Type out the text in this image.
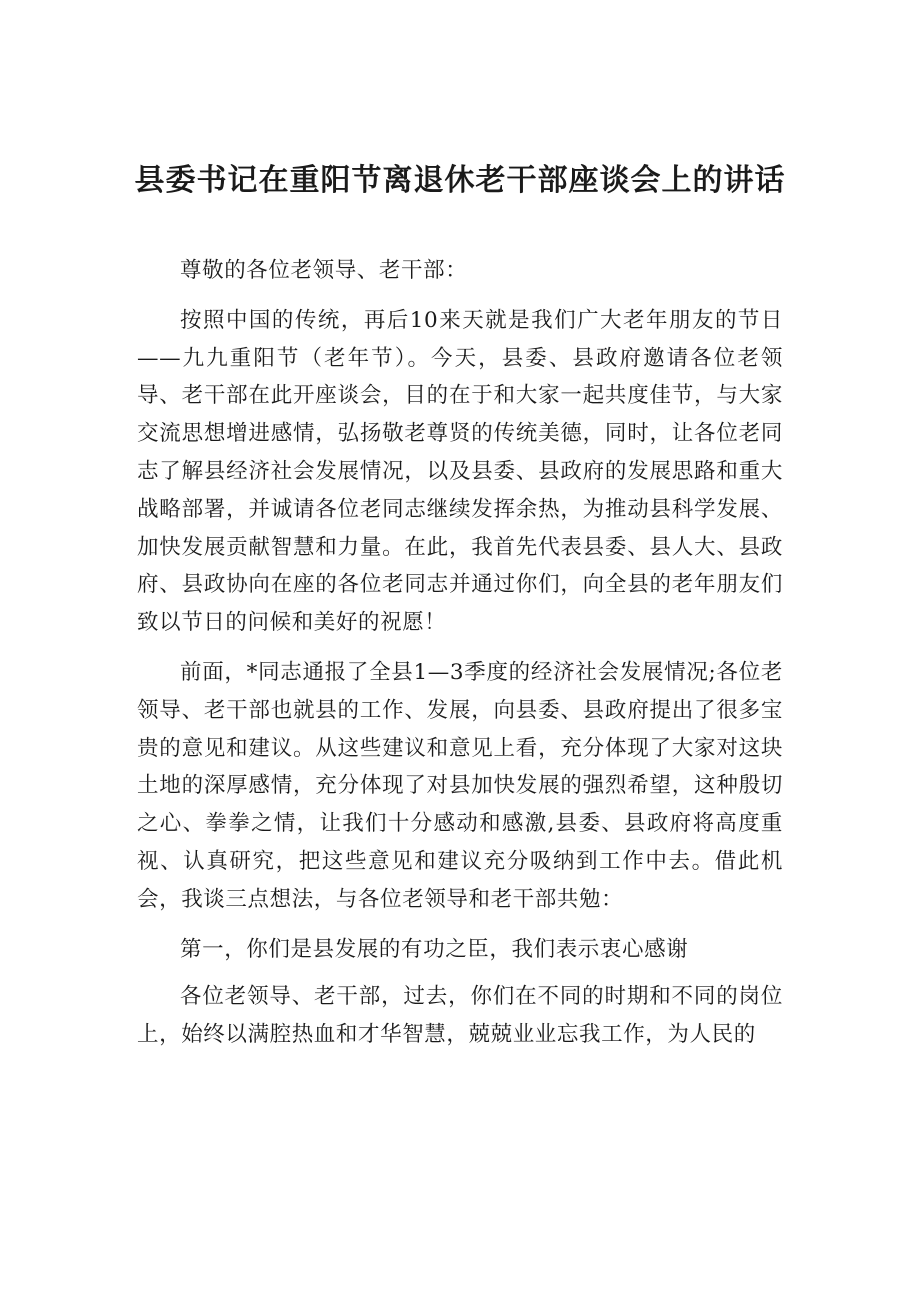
县委书记在重阳节离退休老干部座谈会上的讲话

尊敬的各位老领导、老干部：

按照中国的传统，再后10来天就是我们广大老年朋友的节日——九九重阳节（老年节）。今天，县委、县政府邀请各位老领导、老干部在此开座谈会，目的在于和大家一起共度佳节，与大家交流思想增进感情，弘扬敬老尊贤的传统美德，同时，让各位老同志了解县经济社会发展情况，以及县委、县政府的发展思路和重大战略部署，并诚请各位老同志继续发挥余热，为推动县科学发展、加快发展贡献智慧和力量。在此，我首先代表县委、县人大、县政府、县政协向在座的各位老同志并通过你们，向全县的老年朋友们致以节日的问候和美好的祝愿！

前面，*同志通报了全县1—3季度的经济社会发展情况;各位老领导、老干部也就县的工作、发展，向县委、县政府提出了很多宝贵的意见和建议。从这些建议和意见上看，充分体现了大家对这块土地的深厚感情，充分体现了对县加快发展的强烈希望，这种殷切之心、拳拳之情，让我们十分感动和感激,县委、县政府将高度重视、认真研究，把这些意见和建议充分吸纳到工作中去。借此机会，我谈三点想法，与各位老领导和老干部共勉：

第一，你们是县发展的有功之臣，我们表示衷心感谢

各位老领导、老干部，过去，你们在不同的时期和不同的岗位上，始终以满腔热血和才华智慧，兢兢业业忘我工作，为人民的
